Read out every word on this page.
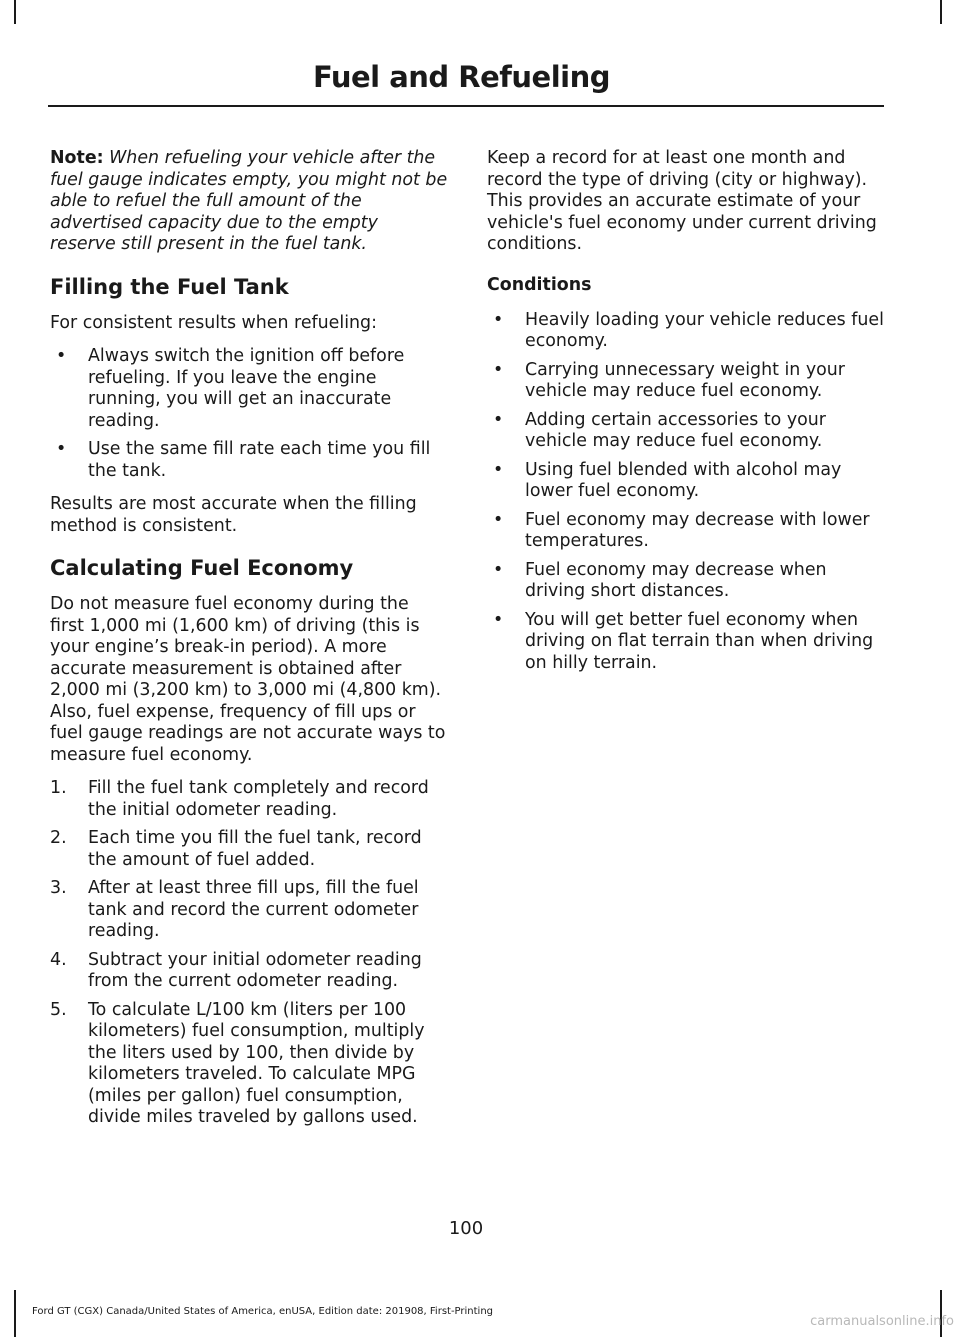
Fuel and Refueling

Note: When refueling your vehicle after the fuel gauge indicates empty, you might not be able to refuel the full amount of the advertised capacity due to the empty reserve still present in the fuel tank.

Filling the Fuel Tank

For consistent results when refueling:

• Always switch the ignition off before refueling. If you leave the engine running, you will get an inaccurate reading.
• Use the same fill rate each time you fill the tank.

Results are most accurate when the filling method is consistent.

Calculating Fuel Economy

Do not measure fuel economy during the first 1,000 mi (1,600 km) of driving (this is your engine’s break-in period). A more accurate measurement is obtained after 2,000 mi (3,200 km) to 3,000 mi (4,800 km). Also, fuel expense, frequency of fill ups or fuel gauge readings are not accurate ways to measure fuel economy.

1. Fill the fuel tank completely and record the initial odometer reading.
2. Each time you fill the fuel tank, record the amount of fuel added.
3. After at least three fill ups, fill the fuel tank and record the current odometer reading.
4. Subtract your initial odometer reading from the current odometer reading.
5. To calculate L/100 km (liters per 100 kilometers) fuel consumption, multiply the liters used by 100, then divide by kilometers traveled. To calculate MPG (miles per gallon) fuel consumption, divide miles traveled by gallons used.

Keep a record for at least one month and record the type of driving (city or highway). This provides an accurate estimate of your vehicle's fuel economy under current driving conditions.

Conditions
• Heavily loading your vehicle reduces fuel economy.
• Carrying unnecessary weight in your vehicle may reduce fuel economy.
• Adding certain accessories to your vehicle may reduce fuel economy.
• Using fuel blended with alcohol may lower fuel economy.
• Fuel economy may decrease with lower temperatures.
• Fuel economy may decrease when driving short distances.
• You will get better fuel economy when driving on flat terrain than when driving on hilly terrain.
100
Ford GT (CGX) Canada/United States of America, enUSA, Edition date: 201908, First-Printing
carmanualsonline.info
